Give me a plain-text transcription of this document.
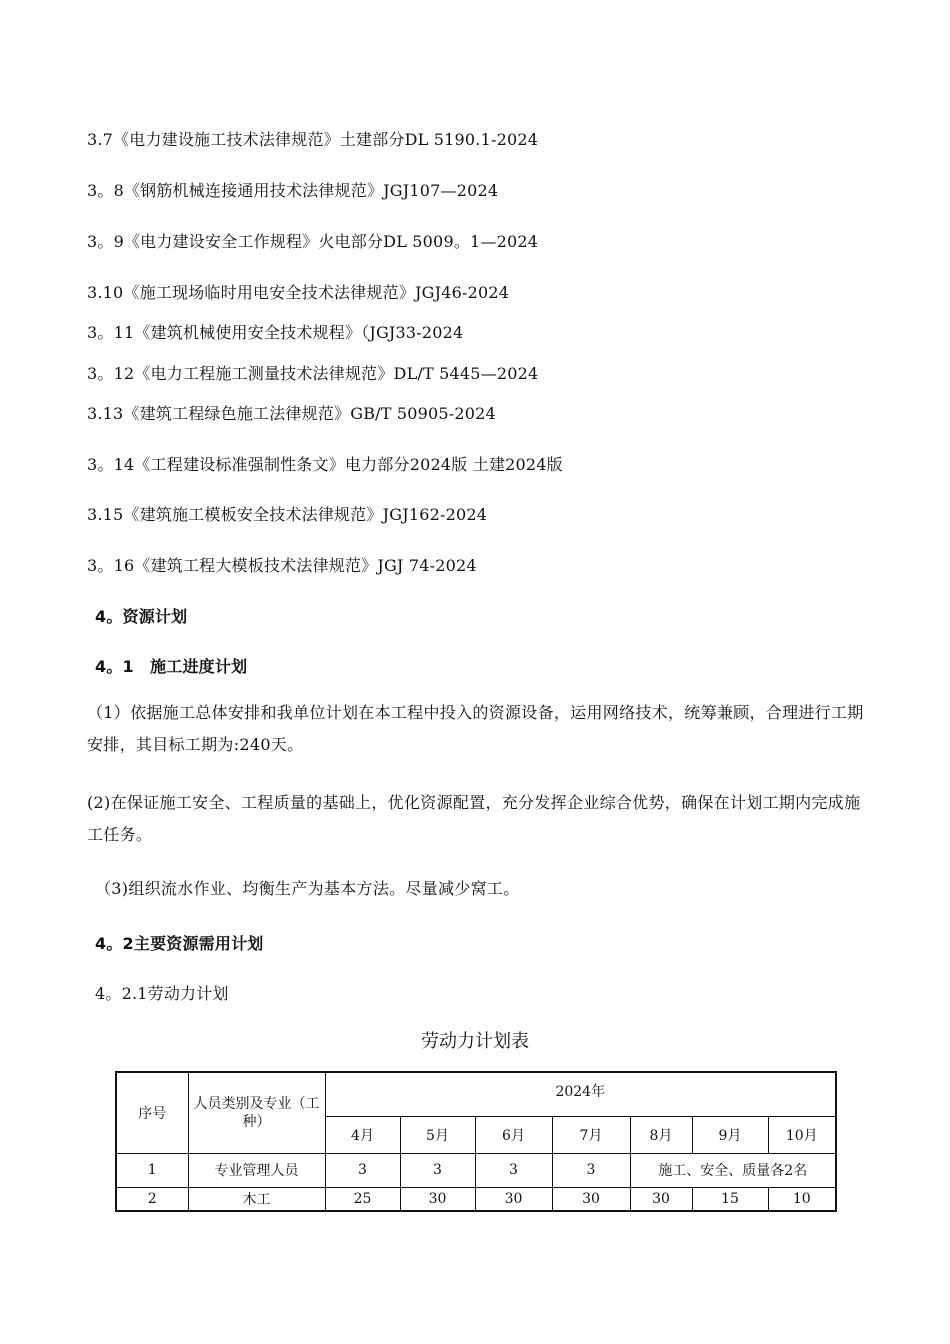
3.7《电力建设施工技术法律规范》土建部分DL 5190.1-2024
3。8《钢筋机械连接通用技术法律规范》JGJ107—2024
3。9《电力建设安全工作规程》火电部分DL 5009。1—2024
3.10《施工现场临时用电安全技术法律规范》JGJ46-2024
3。11《建筑机械使用安全技术规程》（JGJ33-2024
3。12《电力工程施工测量技术法律规范》DL/T 5445—2024
3.13《建筑工程绿色施工法律规范》GB/T 50905-2024
3。14《工程建设标准强制性条文》电力部分2024版 土建2024版
3.15《建筑施工模板安全技术法律规范》JGJ162-2024
3。16《建筑工程大模板技术法律规范》JGJ 74-2024
4。资源计划
4。1　施工进度计划
（1）依据施工总体安排和我单位计划在本工程中投入的资源设备，运用网络技术，统筹兼顾，合理进行工期安排，其目标工期为:240天。
(2)在保证施工安全、工程质量的基础上，优化资源配置，充分发挥企业综合优势，确保在计划工期内完成施工任务。
（3)组织流水作业、均衡生产为基本方法。尽量减少窝工。
4。2主要资源需用计划
4。2.1劳动力计划
劳动力计划表
序号	人员类别及专业（工种）	2024年						
		4月	5月	6月	7月	8月	9月	10月
1	专业管理人员	3	3	3	3	施工、安全、质量各2名		
2	木工	25	30	30	30	30	15	10
